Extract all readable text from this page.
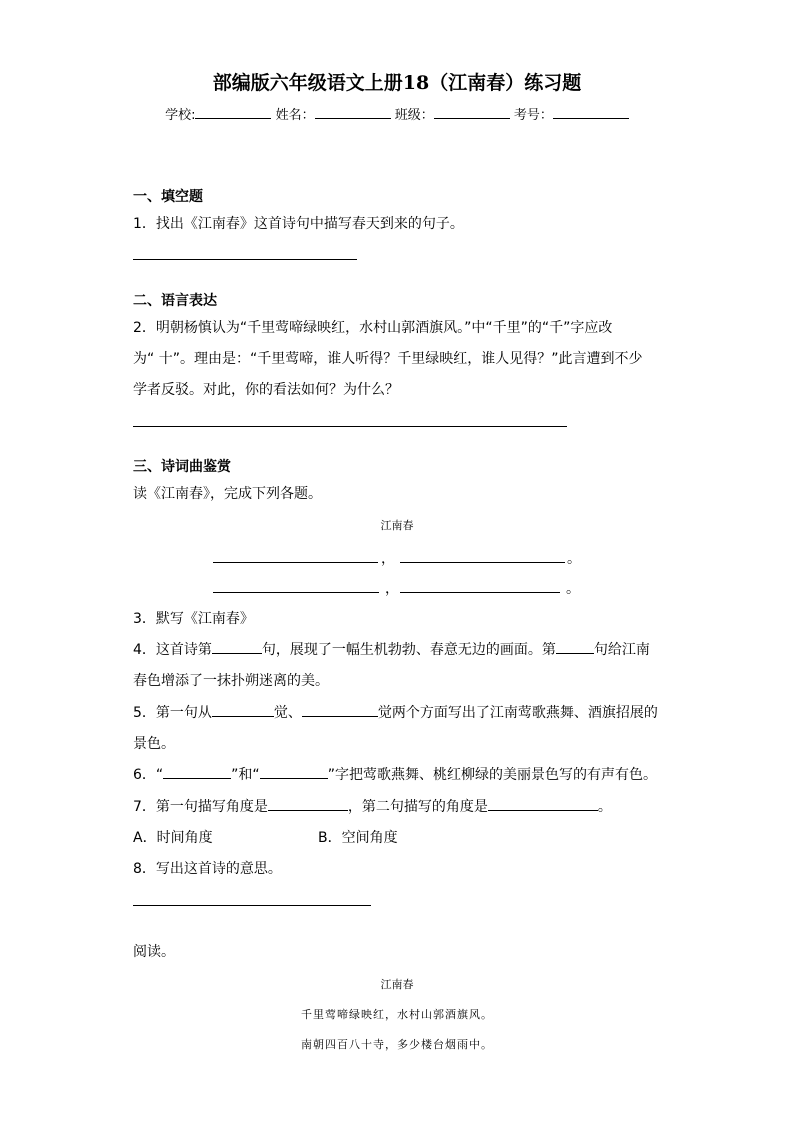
部编版六年级语文上册18（江南春）练习题
学校:	姓名：	班级：	考号：
一、填空题
1．找出《江南春》这首诗句中描写春天到来的句子。
二、语言表达
2．明朝杨慎认为“千里莺啼绿映红，水村山郭酒旗风。”中“千里”的“千”字应改
为“ 十”。理由是：“千里莺啼，谁人听得？千里绿映红，谁人见得？”此言遭到不少
学者反驳。对此，你的看法如何？为什么？
三、诗词曲鉴赏
读《江南春》，完成下列各题。
江南春
，	。
，	。
3．默写《江南春》
4．这首诗第	句，展现了一幅生机勃勃、春意无边的画面。第	句给江南
春色增添了一抹扑朔迷离的美。
5．第一句从	觉、	觉两个方面写出了江南莺歌燕舞、酒旗招展的
景色。
6．“	”和“	”字把莺歌燕舞、桃红柳绿的美丽景色写的有声有色。
7．第一句描写角度是	，第二句描写的角度是	。
A．时间角度	B．空间角度
8．写出这首诗的意思。
阅读。
江南春
千里莺啼绿映红，水村山郭酒旗风。
南朝四百八十寺，多少楼台烟雨中。
